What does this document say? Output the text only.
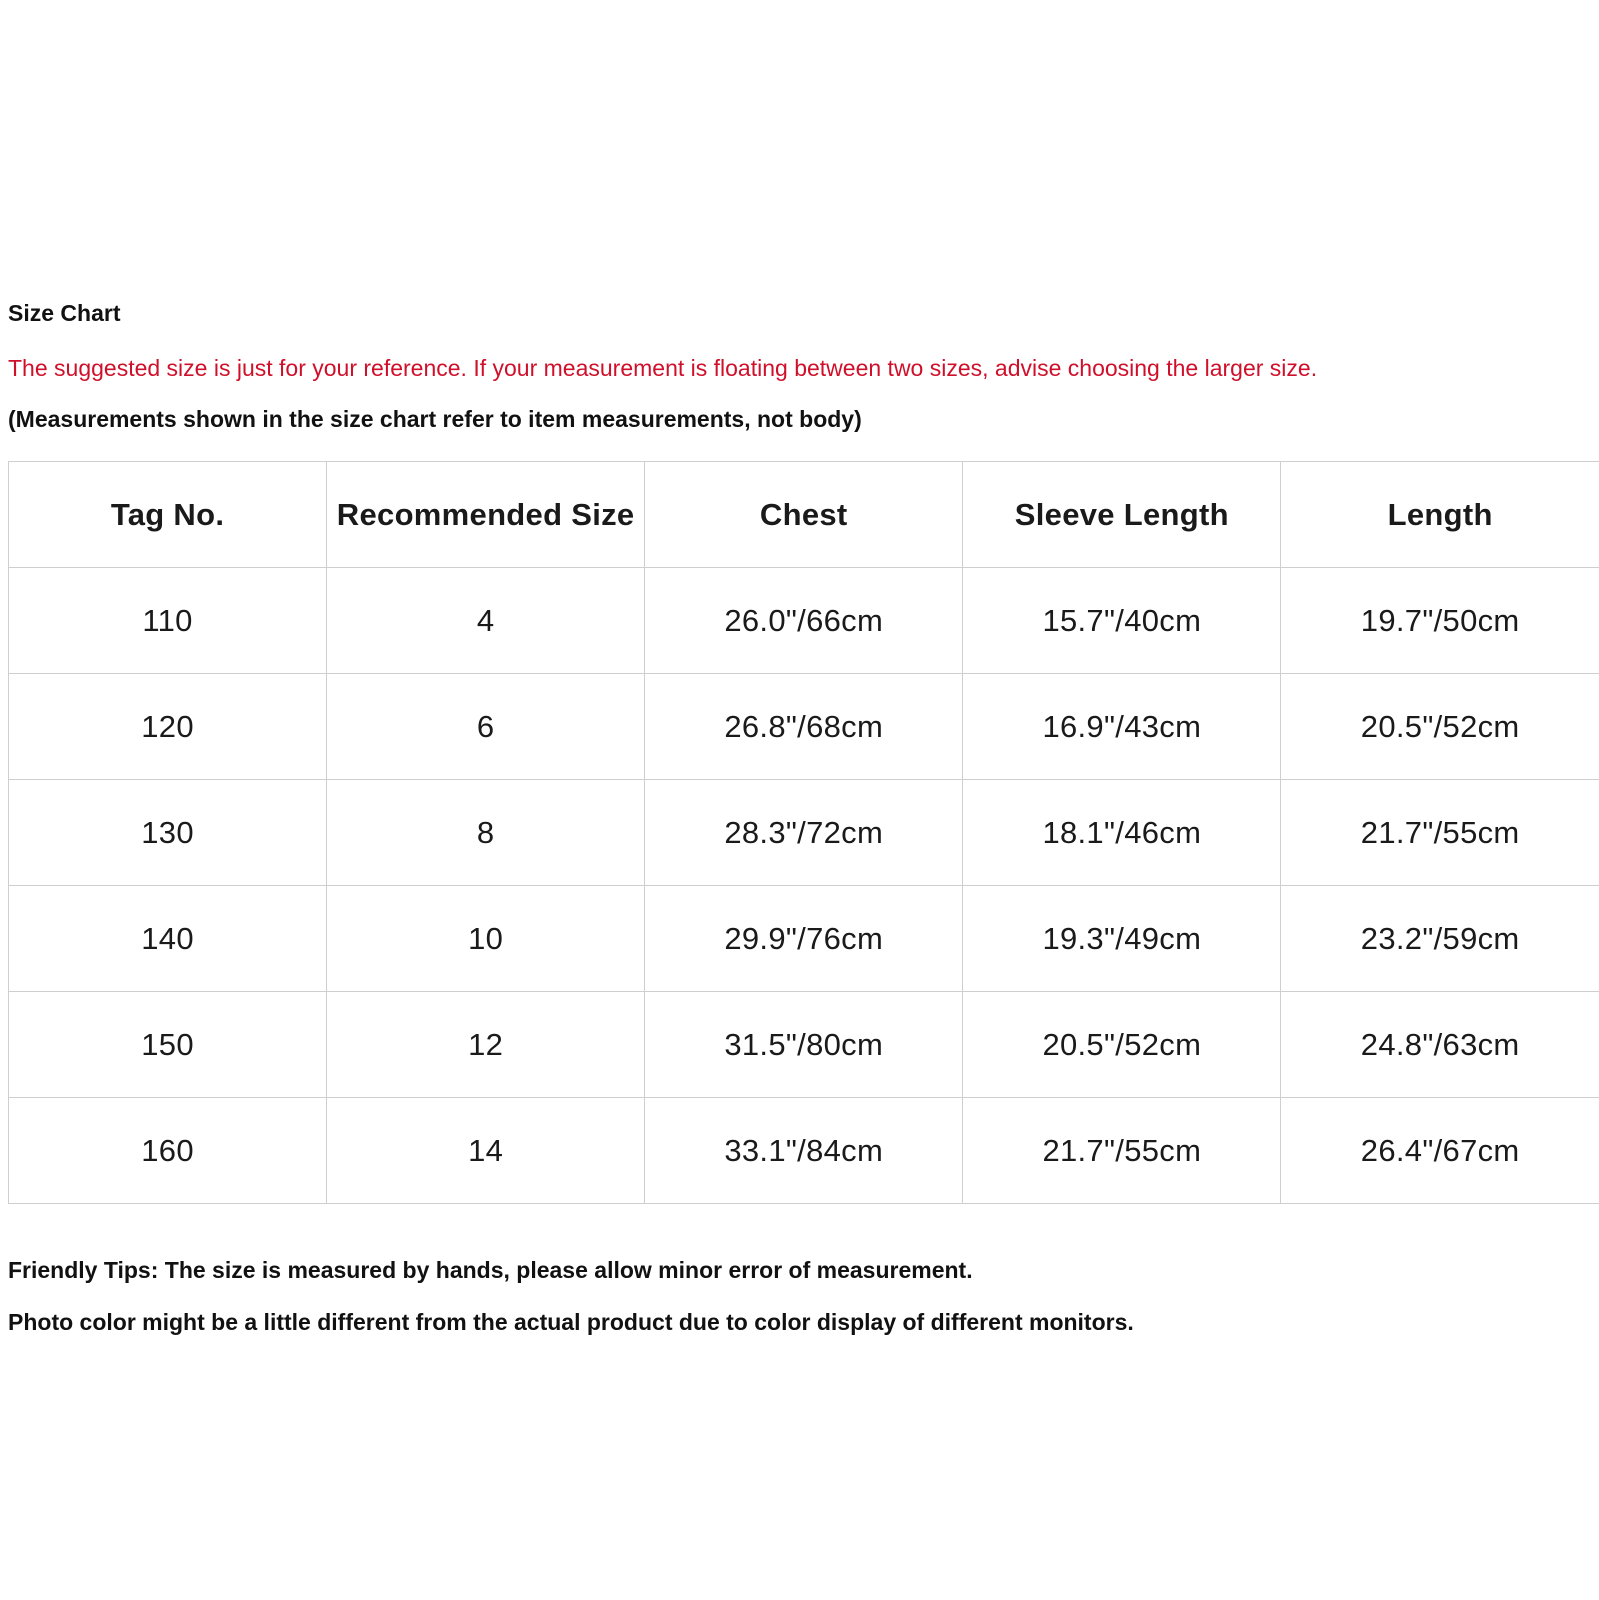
Size Chart
The suggested size is just for your reference. If your measurement is floating between two sizes, advise choosing the larger size.
(Measurements shown in the size chart refer to item measurements, not body)
Tag No.	Recommended Size	Chest	Sleeve Length	Length
110	4	26.0"/66cm	15.7"/40cm	19.7"/50cm
120	6	26.8"/68cm	16.9"/43cm	20.5"/52cm
130	8	28.3"/72cm	18.1"/46cm	21.7"/55cm
140	10	29.9"/76cm	19.3"/49cm	23.2"/59cm
150	12	31.5"/80cm	20.5"/52cm	24.8"/63cm
160	14	33.1"/84cm	21.7"/55cm	26.4"/67cm
Friendly Tips: The size is measured by hands, please allow minor error of measurement.
Photo color might be a little different from the actual product due to color display of different monitors.
